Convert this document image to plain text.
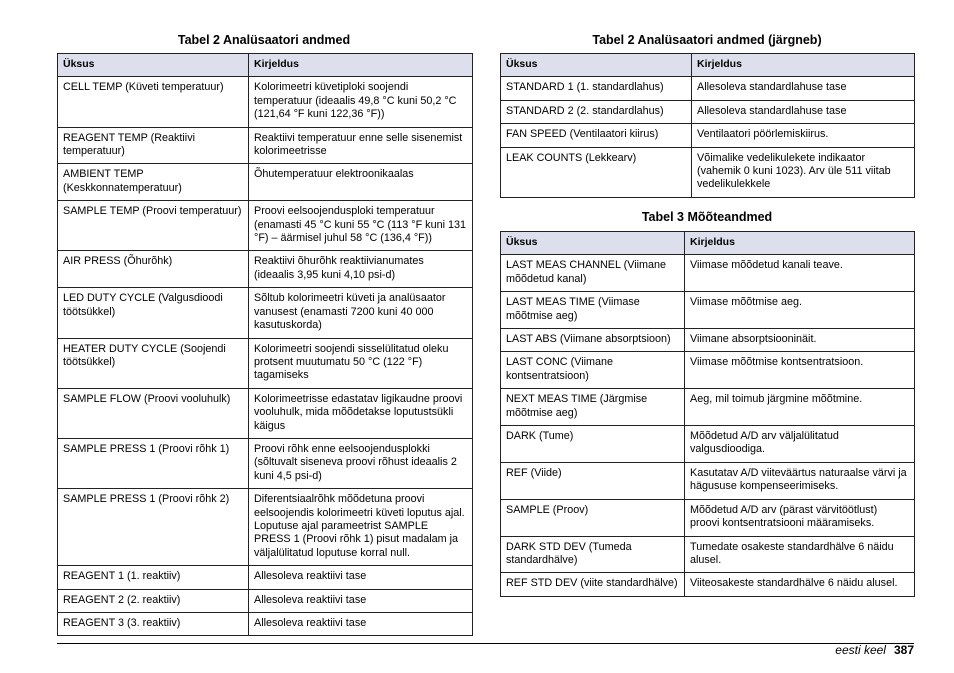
Tabel 2 Analüsaatori andmed
Üksus	Kirjeldus
CELL TEMP (Küveti temperatuur)	Kolorimeetri küvetiploki soojendi temperatuur (ideaalis 49,8 °C kuni 50,2 °C (121,64 °F kuni 122,36 °F))
REAGENT TEMP (Reaktiivi temperatuur)	Reaktiivi temperatuur enne selle sisenemist kolorimeetrisse
AMBIENT TEMP (Keskkonnatemperatuur)	Õhutemperatuur elektroonikaalas
SAMPLE TEMP (Proovi temperatuur)	Proovi eelsoojendusploki temperatuur (enamasti 45 °C kuni 55 °C (113 °F kuni 131 °F) – äärmisel juhul 58 °C (136,4 °F))
AIR PRESS (Õhurõhk)	Reaktiivi õhurõhk reaktiivianumates (ideaalis 3,95 kuni 4,10 psi-d)
LED DUTY CYCLE (Valgusdioodi töötsükkel)	Sõltub kolorimeetri küveti ja analüsaator vanusest (enamasti 7200 kuni 40 000 kasutuskorda)
HEATER DUTY CYCLE (Soojendi töötsükkel)	Kolorimeetri soojendi sisselülitatud oleku protsent muutumatu 50 °C (122 °F) tagamiseks
SAMPLE FLOW (Proovi vooluhulk)	Kolorimeetrisse edastatav ligikaudne proovi vooluhulk, mida mõõdetakse loputustsükli käigus
SAMPLE PRESS 1 (Proovi rõhk 1)	Proovi rõhk enne eelsoojendusplokki (sõltuvalt siseneva proovi rõhust ideaalis 2 kuni 4,5 psi-d)
SAMPLE PRESS 1 (Proovi rõhk 2)	Diferentsiaalrõhk mõõdetuna proovi eelsoojendis kolorimeetri küveti loputus ajal. Loputuse ajal parameetrist SAMPLE PRESS 1 (Proovi rõhk 1) pisut madalam ja väljalülitatud loputuse korral null.
REAGENT 1 (1. reaktiiv)	Allesoleva reaktiivi tase
REAGENT 2 (2. reaktiiv)	Allesoleva reaktiivi tase
REAGENT 3 (3. reaktiiv)	Allesoleva reaktiivi tase
Tabel 2 Analüsaatori andmed (järgneb)
Üksus	Kirjeldus
STANDARD 1 (1. standardlahus)	Allesoleva standardlahuse tase
STANDARD 2 (2. standardlahus)	Allesoleva standardlahuse tase
FAN SPEED (Ventilaatori kiirus)	Ventilaatori pöörlemiskiirus.
LEAK COUNTS (Lekkearv)	Võimalike vedelikulekete indikaator (vahemik 0 kuni 1023). Arv üle 511 viitab vedelikulekkele
Tabel 3 Mõõteandmed
Üksus	Kirjeldus
LAST MEAS CHANNEL (Viimane mõõdetud kanal)	Viimase mõõdetud kanali teave.
LAST MEAS TIME (Viimase mõõtmise aeg)	Viimase mõõtmise aeg.
LAST ABS (Viimane absorptsioon)	Viimane absorptsiooninäit.
LAST CONC (Viimane kontsentratsioon)	Viimase mõõtmise kontsentratsioon.
NEXT MEAS TIME (Järgmise mõõtmise aeg)	Aeg, mil toimub järgmine mõõtmine.
DARK (Tume)	Mõõdetud A/D arv väljalülitatud valgusdioodiga.
REF (Viide)	Kasutatav A/D viiteväärtus naturaalse värvi ja hägususe kompenseerimiseks.
SAMPLE (Proov)	Mõõdetud A/D arv (pärast värvitöötlust) proovi kontsentratsiooni määramiseks.
DARK STD DEV (Tumeda standardhälve)	Tumedate osakeste standardhälve 6 näidu alusel.
REF STD DEV (viite standardhälve)	Viiteosakeste standardhälve 6 näidu alusel.
eesti keel 387
